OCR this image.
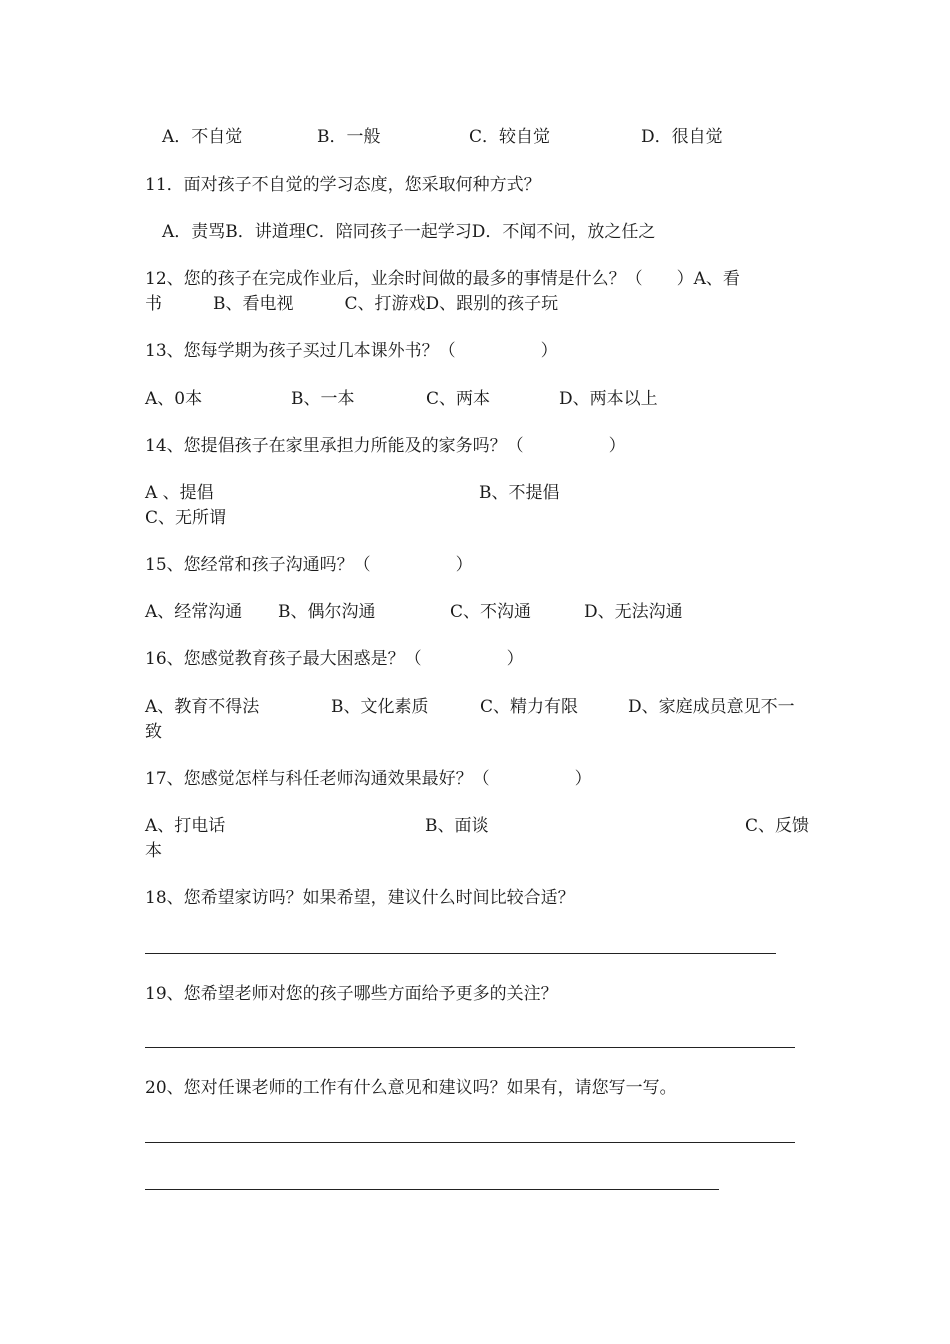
A．不自觉	B．一般	C．较自觉	D．很自觉
11．面对孩子不自觉的学习态度，您采取何种方式？
A．责骂B．讲道理C．陪同孩子一起学习D．不闻不问，放之任之
12、您的孩子在完成作业后，业余时间做的最多的事情是什么？（　　）A、看
书　　　B、看电视　　　C、打游戏D、跟别的孩子玩
13、您每学期为孩子买过几本课外书？（　　　　　）
A、0本	B、一本	C、两本	D、两本以上
14、您提倡孩子在家里承担力所能及的家务吗？（　　　　　）
A 、提倡	B、不提倡
C、无所谓
15、您经常和孩子沟通吗？（　　　　　）
A、经常沟通 B、偶尔沟通	C、不沟通	D、无法沟通
16、您感觉教育孩子最大困惑是？（　　　　　）
A、教育不得法	B、文化素质	C、精力有限	D、家庭成员意见不一
致
17、您感觉怎样与科任老师沟通效果最好？（　　　　　）
A、打电话	B、面谈	C、反馈
本
18、您希望家访吗？如果希望，建议什么时间比较合适？
19、您希望老师对您的孩子哪些方面给予更多的关注？
20、您对任课老师的工作有什么意见和建议吗？如果有，请您写一写。
